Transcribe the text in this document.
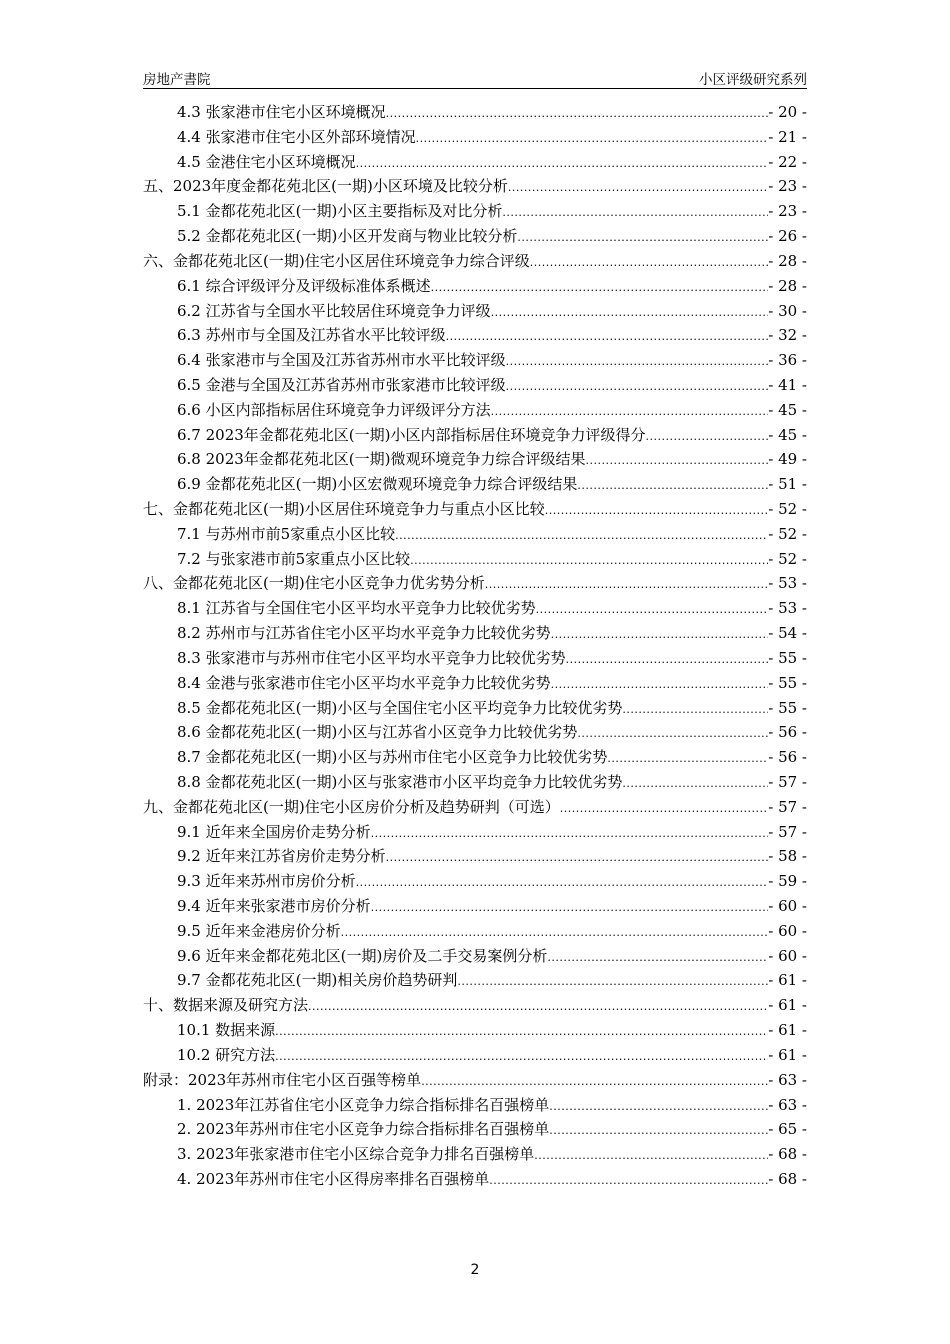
房地产書院	小区评级研究系列
4.3 张家港市住宅小区环境概况 .....	- 20 -
4.4 张家港市住宅小区外部环境情况 .....	- 21 -
4.5 金港住宅小区环境概况 .....	- 22 -
五、2023年度金都花苑北区(一期)小区环境及比较分析 .....	- 23 -
5.1 金都花苑北区(一期)小区主要指标及对比分析 .....	- 23 -
5.2 金都花苑北区(一期)小区开发商与物业比较分析 .....	- 26 -
六、金都花苑北区(一期)住宅小区居住环境竞争力综合评级 .....	- 28 -
6.1 综合评级评分及评级标准体系概述 .....	- 28 -
6.2 江苏省与全国水平比较居住环境竞争力评级 .....	- 30 -
6.3 苏州市与全国及江苏省水平比较评级 .....	- 32 -
6.4 张家港市与全国及江苏省苏州市水平比较评级 .....	- 36 -
6.5 金港与全国及江苏省苏州市张家港市比较评级 .....	- 41 -
6.6 小区内部指标居住环境竞争力评级评分方法 .....	- 45 -
6.7 2023年金都花苑北区(一期)小区内部指标居住环境竞争力评级得分 .....	- 45 -
6.8 2023年金都花苑北区(一期)微观环境竞争力综合评级结果 .....	- 49 -
6.9 金都花苑北区(一期)小区宏微观环境竞争力综合评级结果 .....	- 51 -
七、金都花苑北区(一期)小区居住环境竞争力与重点小区比较 .....	- 52 -
7.1 与苏州市前5家重点小区比较 .....	- 52 -
7.2 与张家港市前5家重点小区比较 .....	- 52 -
八、金都花苑北区(一期)住宅小区竞争力优劣势分析 .....	- 53 -
8.1 江苏省与全国住宅小区平均水平竞争力比较优劣势 .....	- 53 -
8.2 苏州市与江苏省住宅小区平均水平竞争力比较优劣势 .....	- 54 -
8.3 张家港市与苏州市住宅小区平均水平竞争力比较优劣势 .....	- 55 -
8.4 金港与张家港市住宅小区平均水平竞争力比较优劣势 .....	- 55 -
8.5 金都花苑北区(一期)小区与全国住宅小区平均竞争力比较优劣势 .....	- 55 -
8.6 金都花苑北区(一期)小区与江苏省小区竞争力比较优劣势 .....	- 56 -
8.7 金都花苑北区(一期)小区与苏州市住宅小区竞争力比较优劣势 .....	- 56 -
8.8 金都花苑北区(一期)小区与张家港市小区平均竞争力比较优劣势 .....	- 57 -
九、金都花苑北区(一期)住宅小区房价分析及趋势研判（可选） .....	- 57 -
9.1 近年来全国房价走势分析 .....	- 57 -
9.2 近年来江苏省房价走势分析 .....	- 58 -
9.3 近年来苏州市房价分析 .....	- 59 -
9.4 近年来张家港市房价分析 .....	- 60 -
9.5 近年来金港房价分析 .....	- 60 -
9.6 近年来金都花苑北区(一期)房价及二手交易案例分析 .....	- 60 -
9.7 金都花苑北区(一期)相关房价趋势研判 .....	- 61 -
十、数据来源及研究方法 .....	- 61 -
10.1 数据来源 .....	- 61 -
10.2 研究方法 .....	- 61 -
附录：2023年苏州市住宅小区百强等榜单 .....	- 63 -
1. 2023年江苏省住宅小区竞争力综合指标排名百强榜单 .....	- 63 -
2. 2023年苏州市住宅小区竞争力综合指标排名百强榜单 .....	- 65 -
3. 2023年张家港市住宅小区综合竞争力排名百强榜单 .....	- 68 -
4. 2023年苏州市住宅小区得房率排名百强榜单 .....	- 68 -
2
